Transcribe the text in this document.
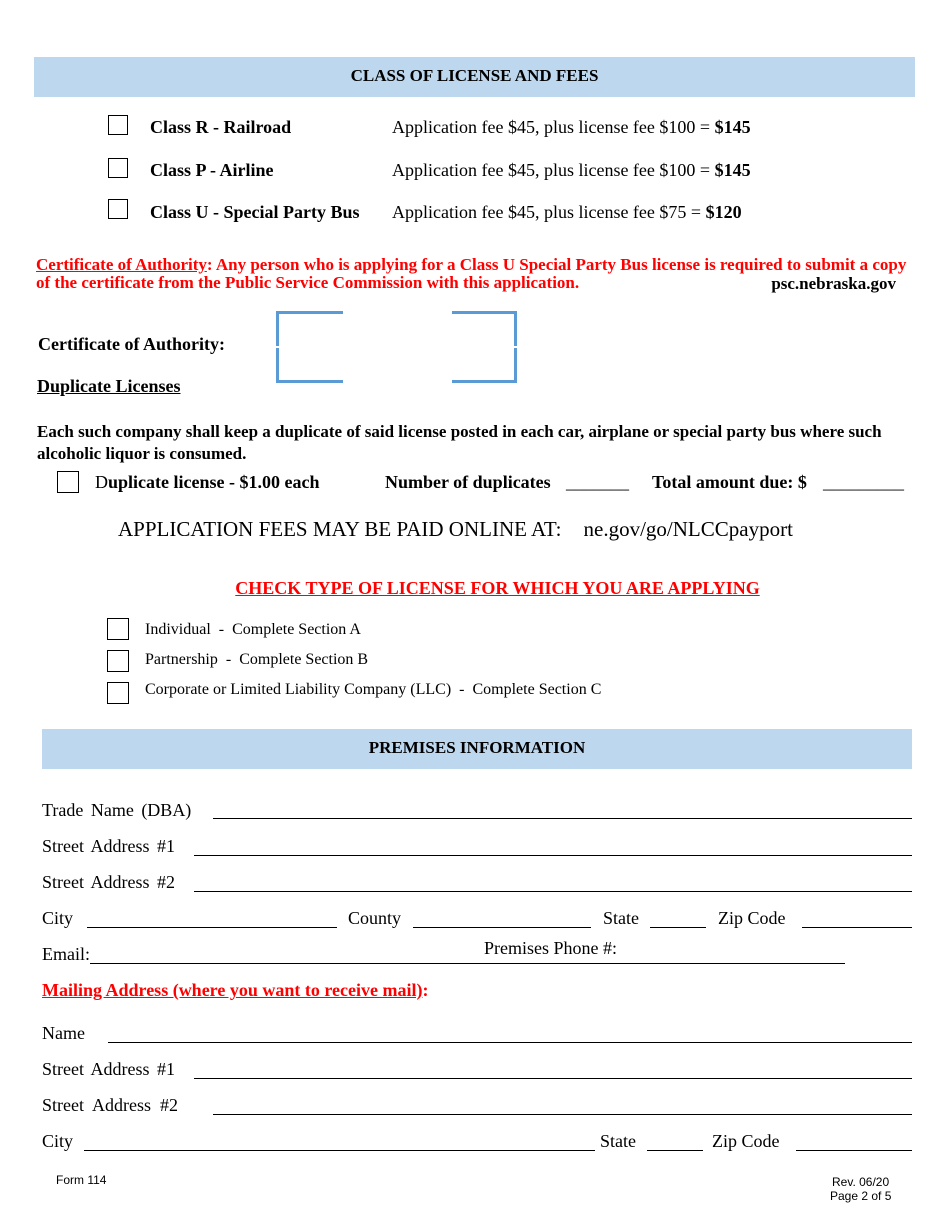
CLASS OF LICENSE AND FEES
Class R - Railroad	Application fee $45, plus license fee $100 = $145
Class P - Airline	Application fee $45, plus license fee $100 = $145
Class U - Special Party Bus Application fee $45, plus license fee $75 = $120
Certificate of Authority: Any person who is applying for a Class U Special Party Bus license is required to submit a copy of the certificate from the Public Service Commission with this application.	psc.nebraska.gov
Certificate of Authority:
Duplicate Licenses
Each such company shall keep a duplicate of said license posted in each car, airplane or special party bus where such alcoholic liquor is consumed.
Duplicate license - $1.00 each	Number of duplicates _______ Total amount due: $ _________
APPLICATION FEES MAY BE PAID ONLINE AT: ne.gov/go/NLCCpayport
CHECK TYPE OF LICENSE FOR WHICH YOU ARE APPLYING
Individual  -  Complete Section A
Partnership  -  Complete Section B
Corporate or Limited Liability Company (LLC)  -  Complete Section C
PREMISES INFORMATION
Trade Name (DBA)
Street Address #1
Street Address #2
City	County	State	Zip Code
Email:	Premises Phone #:
Mailing Address (where you want to receive mail):
Name
Street Address #1
Street  Address  #2
City	State	Zip Code
Form 114	Rev. 06/20
Page 2 of 5
